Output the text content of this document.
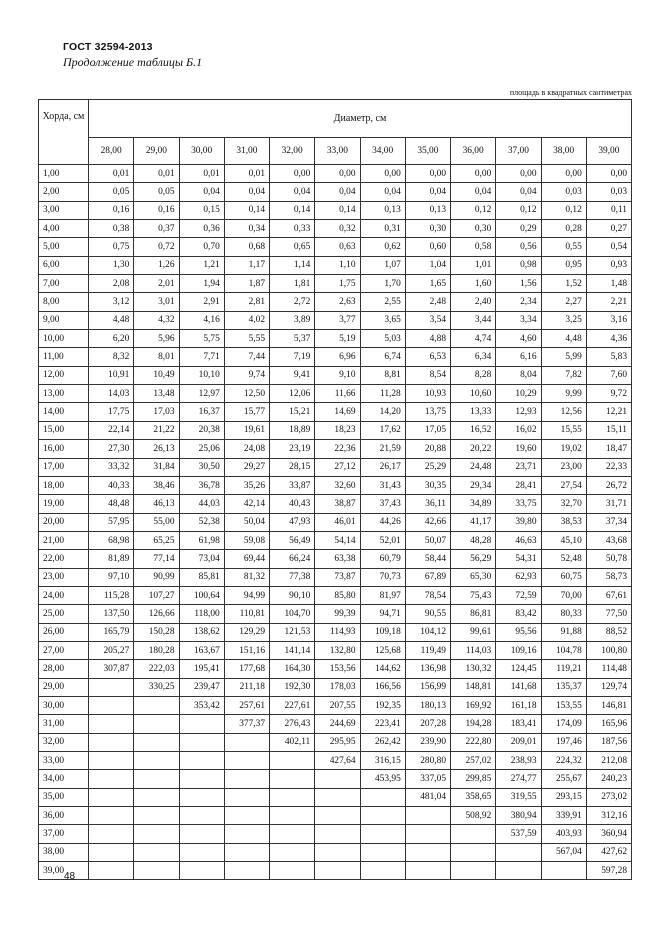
ГОСТ 32594-2013
Продолжение таблицы Б.1
площадь в квадратных сантиметрах
Хорда, см	Диаметр, см											
	28,00	29,00	30,00	31,00	32,00	33,00	34,00	35,00	36,00	37,00	38,00	39,00
1,00	0,01	0,01	0,01	0,01	0,00	0,00	0,00	0,00	0,00	0,00	0,00	0,00
2,00	0,05	0,05	0,04	0,04	0,04	0,04	0,04	0,04	0,04	0,04	0,03	0,03
3,00	0,16	0,16	0,15	0,14	0,14	0,14	0,13	0,13	0,12	0,12	0,12	0,11
4,00	0,38	0,37	0,36	0,34	0,33	0,32	0,31	0,30	0,30	0,29	0,28	0,27
5,00	0,75	0,72	0,70	0,68	0,65	0,63	0,62	0,60	0,58	0,56	0,55	0,54
6,00	1,30	1,26	1,21	1,17	1,14	1,10	1,07	1,04	1,01	0,98	0,95	0,93
7,00	2,08	2,01	1,94	1,87	1,81	1,75	1,70	1,65	1,60	1,56	1,52	1,48
8,00	3,12	3,01	2,91	2,81	2,72	2,63	2,55	2,48	2,40	2,34	2,27	2,21
9,00	4,48	4,32	4,16	4,02	3,89	3,77	3,65	3,54	3,44	3,34	3,25	3,16
10,00	6,20	5,96	5,75	5,55	5,37	5,19	5,03	4,88	4,74	4,60	4,48	4,36
11,00	8,32	8,01	7,71	7,44	7,19	6,96	6,74	6,53	6,34	6,16	5,99	5,83
12,00	10,91	10,49	10,10	9,74	9,41	9,10	8,81	8,54	8,28	8,04	7,82	7,60
13,00	14,03	13,48	12,97	12,50	12,06	11,66	11,28	10,93	10,60	10,29	9,99	9,72
14,00	17,75	17,03	16,37	15,77	15,21	14,69	14,20	13,75	13,33	12,93	12,56	12,21
15,00	22,14	21,22	20,38	19,61	18,89	18,23	17,62	17,05	16,52	16,02	15,55	15,11
16,00	27,30	26,13	25,06	24,08	23,19	22,36	21,59	20,88	20,22	19,60	19,02	18,47
17,00	33,32	31,84	30,50	29,27	28,15	27,12	26,17	25,29	24,48	23,71	23,00	22,33
18,00	40,33	38,46	36,78	35,26	33,87	32,60	31,43	30,35	29,34	28,41	27,54	26,72
19,00	48,48	46,13	44,03	42,14	40,43	38,87	37,43	36,11	34,89	33,75	32,70	31,71
20,00	57,95	55,00	52,38	50,04	47,93	46,01	44,26	42,66	41,17	39,80	38,53	37,34
21,00	68,98	65,25	61,98	59,08	56,49	54,14	52,01	50,07	48,28	46,63	45,10	43,68
22,00	81,89	77,14	73,04	69,44	66,24	63,38	60,79	58,44	56,29	54,31	52,48	50,78
23,00	97,10	90,99	85,81	81,32	77,38	73,87	70,73	67,89	65,30	62,93	60,75	58,73
24,00	115,28	107,27	100,64	94,99	90,10	85,80	81,97	78,54	75,43	72,59	70,00	67,61
25,00	137,50	126,66	118,00	110,81	104,70	99,39	94,71	90,55	86,81	83,42	80,33	77,50
26,00	165,79	150,28	138,62	129,29	121,53	114,93	109,18	104,12	99,61	95,56	91,88	88,52
27,00	205,27	180,28	163,67	151,16	141,14	132,80	125,68	119,49	114,03	109,16	104,78	100,80
28,00	307,87	222,03	195,41	177,68	164,30	153,56	144,62	136,98	130,32	124,45	119,21	114,48
29,00		330,25	239,47	211,18	192,30	178,03	166,56	156,99	148,81	141,68	135,37	129,74
30,00			353,42	257,61	227,61	207,55	192,35	180,13	169,92	161,18	153,55	146,81
31,00				377,37	276,43	244,69	223,41	207,28	194,28	183,41	174,09	165,96
32,00					402,11	295,95	262,42	239,90	222,80	209,01	197,46	187,56
33,00						427,64	316,15	280,80	257,02	238,93	224,32	212,08
34,00							453,95	337,05	299,85	274,77	255,67	240,23
35,00								481,04	358,65	319,55	293,15	273,02
36,00									508,92	380,94	339,91	312,16
37,00										537,59	403,93	360,94
38,00											567,04	427,62
39,00												597,28
48
